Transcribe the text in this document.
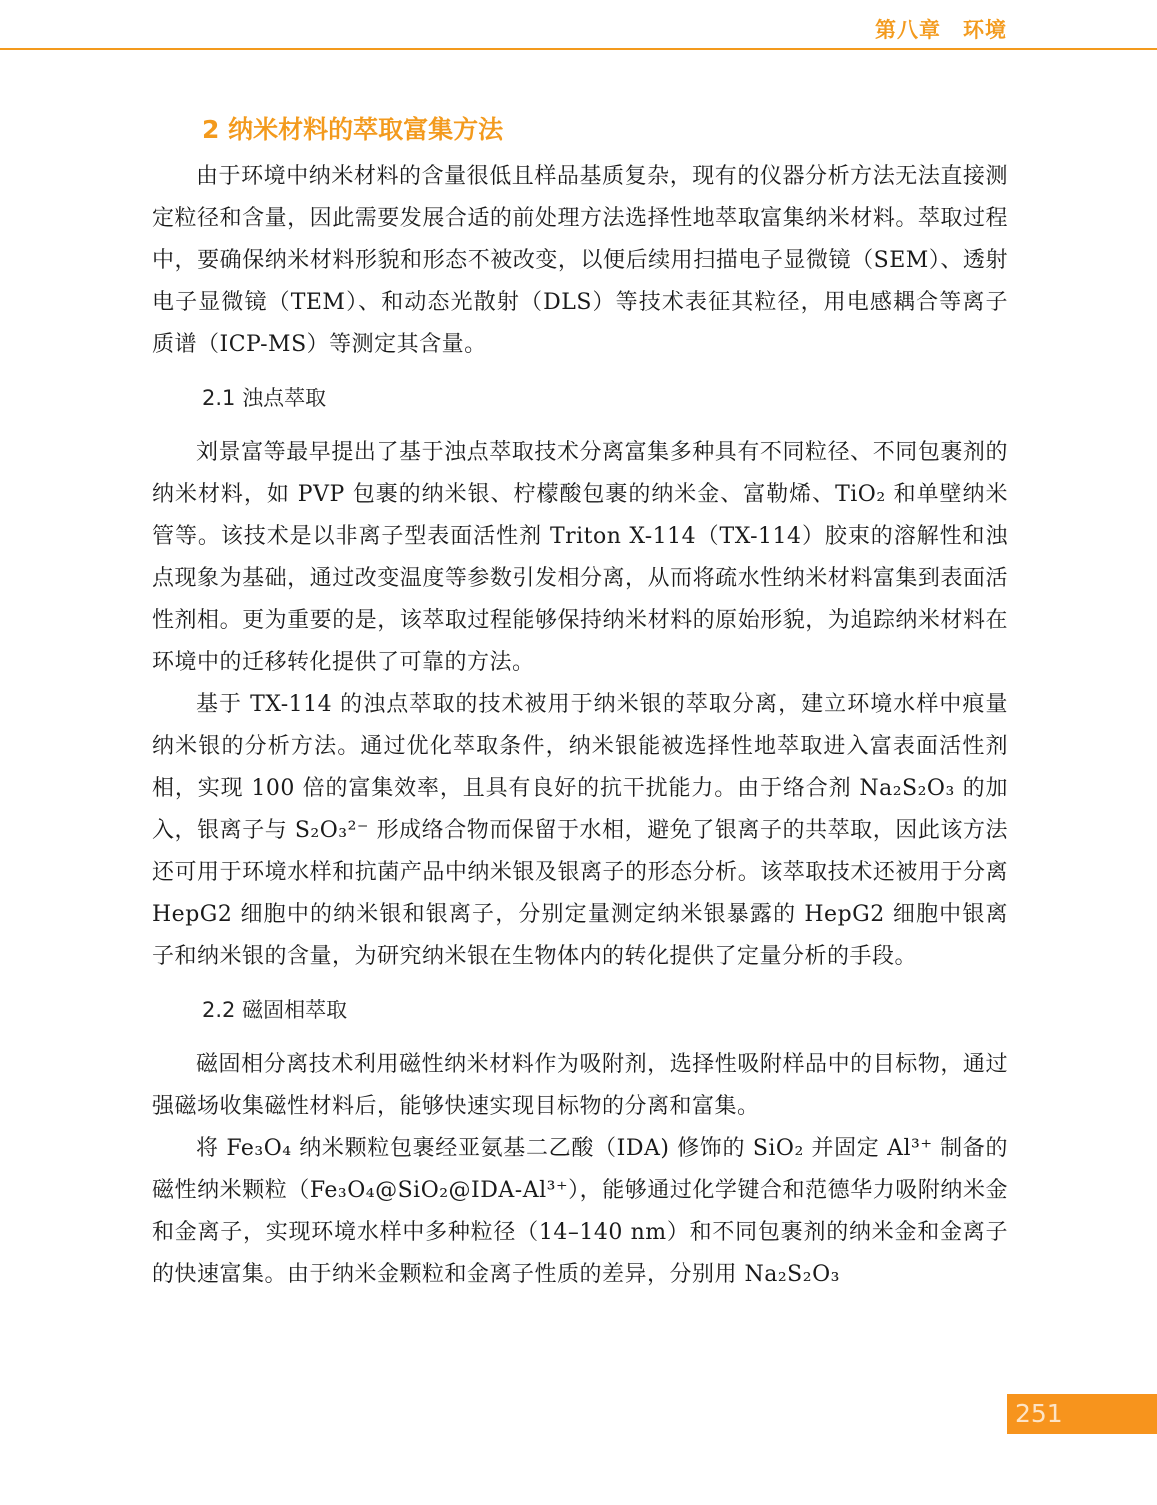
第八章　环境
2 纳米材料的萃取富集方法

由于环境中纳米材料的含量很低且样品基质复杂，现有的仪器分析方法无法直接测定粒径和含量，因此需要发展合适的前处理方法选择性地萃取富集纳米材料。萃取过程中，要确保纳米材料形貌和形态不被改变，以便后续用扫描电子显微镜（SEM）、透射电子显微镜（TEM）、和动态光散射（DLS）等技术表征其粒径，用电感耦合等离子质谱（ICP-MS）等测定其含量。

2.1 浊点萃取

刘景富等最早提出了基于浊点萃取技术分离富集多种具有不同粒径、不同包裹剂的纳米材料，如 PVP 包裹的纳米银、柠檬酸包裹的纳米金、富勒烯、TiO₂ 和单壁纳米管等。该技术是以非离子型表面活性剂 Triton X-114（TX-114）胶束的溶解性和浊点现象为基础，通过改变温度等参数引发相分离，从而将疏水性纳米材料富集到表面活性剂相。更为重要的是，该萃取过程能够保持纳米材料的原始形貌，为追踪纳米材料在环境中的迁移转化提供了可靠的方法。

基于 TX-114 的浊点萃取的技术被用于纳米银的萃取分离，建立环境水样中痕量纳米银的分析方法。通过优化萃取条件，纳米银能被选择性地萃取进入富表面活性剂相，实现 100 倍的富集效率，且具有良好的抗干扰能力。由于络合剂 Na₂S₂O₃ 的加入，银离子与 S₂O₃²⁻ 形成络合物而保留于水相，避免了银离子的共萃取，因此该方法还可用于环境水样和抗菌产品中纳米银及银离子的形态分析。该萃取技术还被用于分离 HepG2 细胞中的纳米银和银离子，分别定量测定纳米银暴露的 HepG2 细胞中银离子和纳米银的含量，为研究纳米银在生物体内的转化提供了定量分析的手段。

2.2 磁固相萃取

磁固相分离技术利用磁性纳米材料作为吸附剂，选择性吸附样品中的目标物，通过强磁场收集磁性材料后，能够快速实现目标物的分离和富集。

将 Fe₃O₄ 纳米颗粒包裹经亚氨基二乙酸（IDA) 修饰的 SiO₂ 并固定 Al³⁺ 制备的磁性纳米颗粒（Fe₃O₄@SiO₂@IDA-Al³⁺），能够通过化学键合和范德华力吸附纳米金和金离子，实现环境水样中多种粒径（14–140 nm）和不同包裹剂的纳米金和金离子的快速富集。由于纳米金颗粒和金离子性质的差异，分别用 Na₂S₂O₃

251
